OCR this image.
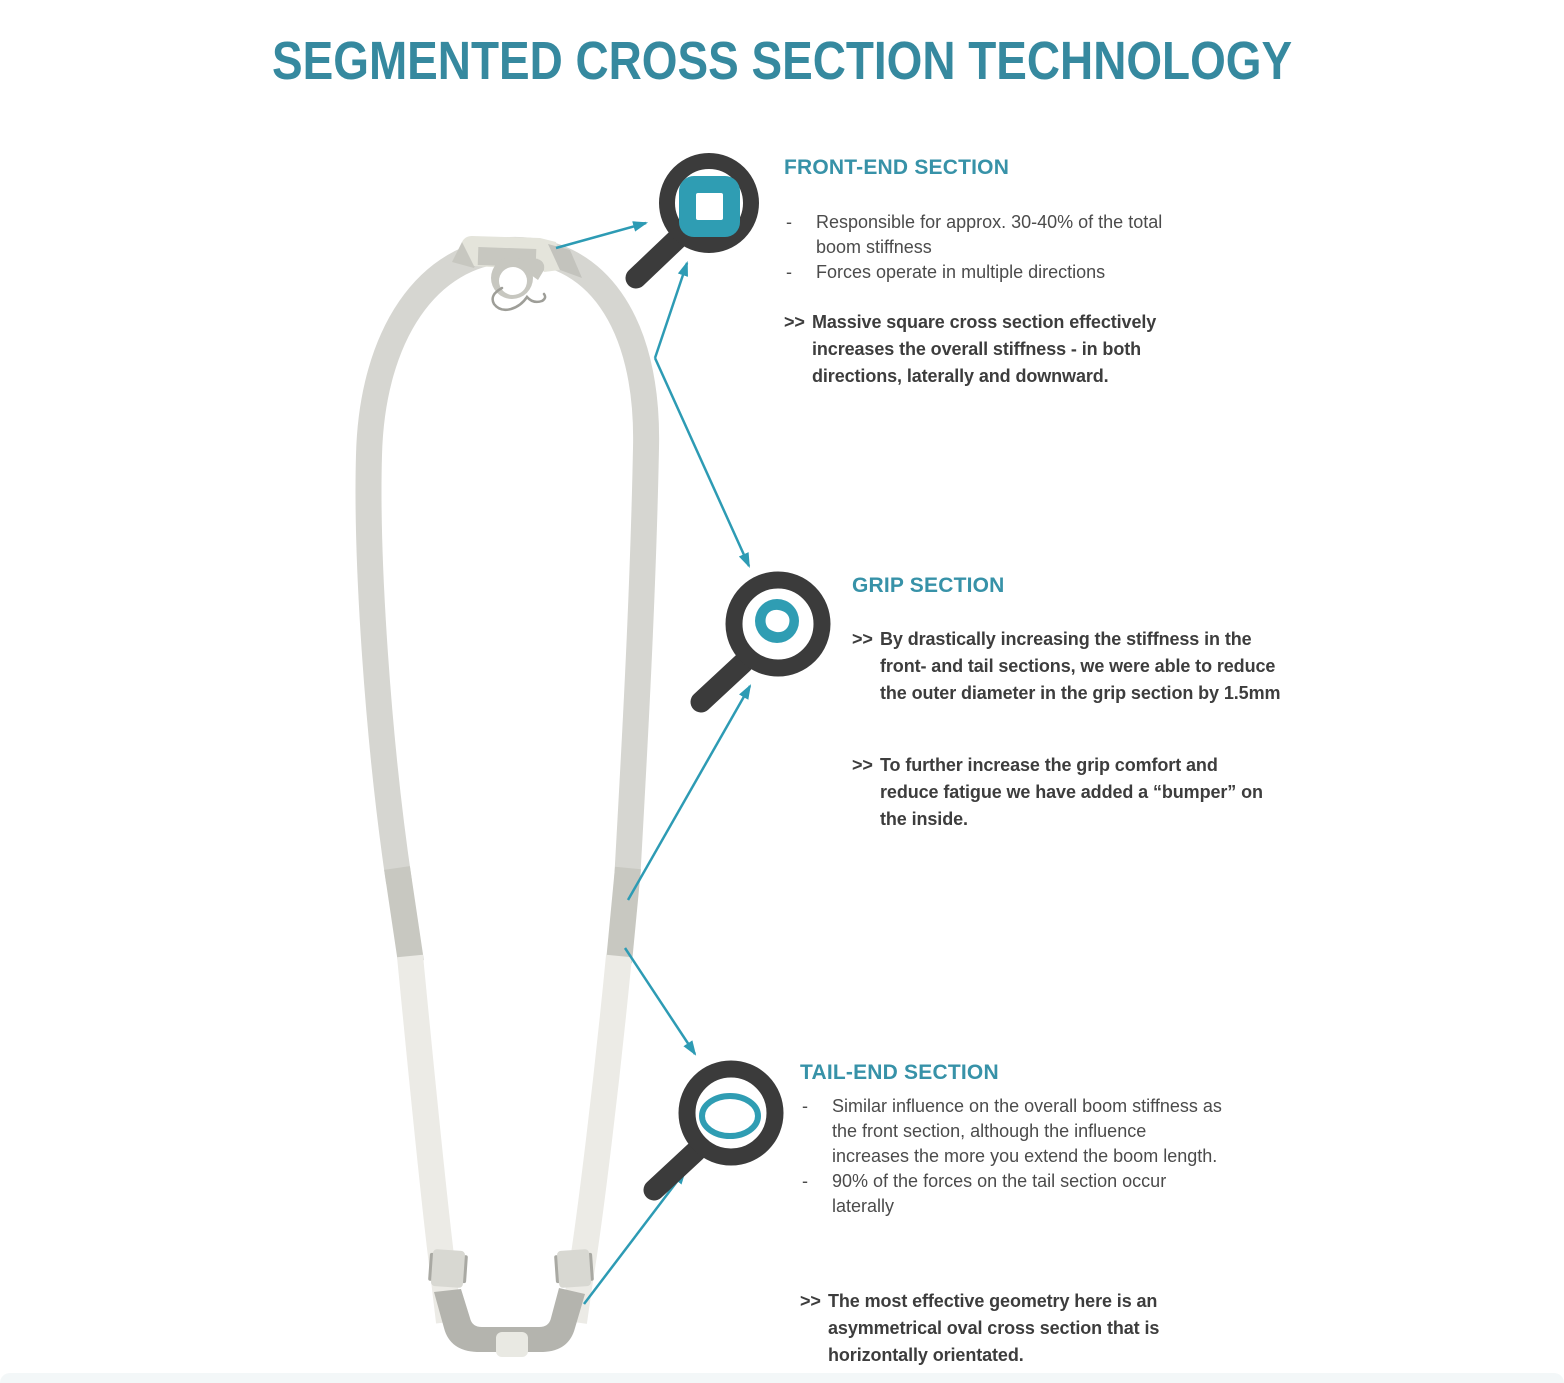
SEGMENTED CROSS SECTION TECHNOLOGY
FRONT-END SECTION
-	Responsible for approx. 30-40% of the total boom stiffness
-	Forces operate in multiple directions
>> Massive square cross section effectively increases the overall stiffness - in both directions, laterally and downward.
GRIP SECTION
>> By drastically increasing the stiffness in the front- and tail sections, we were able to reduce the outer diameter in the grip section by 1.5mm
>> To further increase the grip comfort and reduce fatigue we have added a “bumper” on the inside.
TAIL-END SECTION
-	Similar influence on the overall boom stiffness as the front section, although the influence increases the more you extend the boom length.
-	90% of the forces on the tail section occur laterally
>> The most effective geometry here is an asymmetrical oval cross section that is horizontally orientated.
